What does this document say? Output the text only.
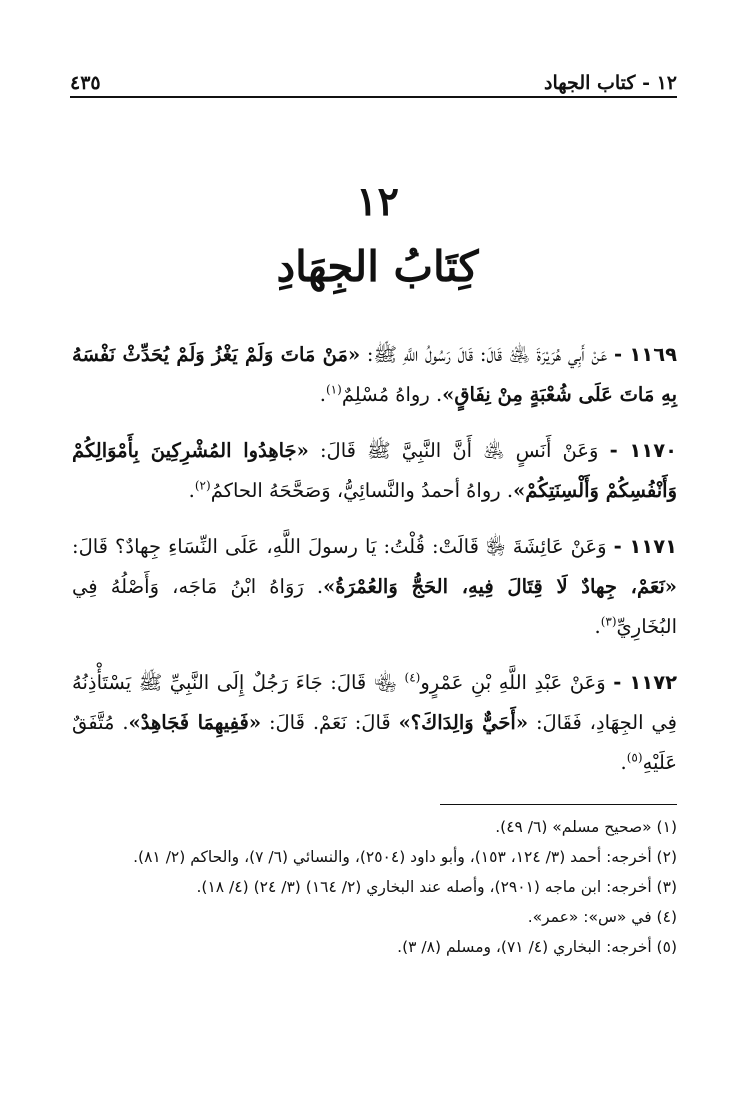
٤٣٥	١٢ - كتاب الجهاد
١٢
كِتَابُ الجِهَادِ

١١٦٩ - عَنْ أَبِي هُرَيْرَةَ ﵁ قَالَ: قَالَ رَسُولُ اللَّهِ ﷺ: «مَنْ مَاتَ وَلَمْ يَغْزُ وَلَمْ يُحَدِّثْ نَفْسَهُ بِهِ مَاتَ عَلَى شُعْبَةٍ مِنْ نِفَاقٍ». رواهُ مُسْلِمٌ$^{(١)}$.

١١٧٠ - وَعَنْ أَنَسٍ ﵁ أَنَّ النَّبِيَّ ﷺ قَالَ: «جَاهِدُوا المُشْرِكِينَ بِأَمْوَالِكُمْ وَأَنْفُسِكُمْ وَأَلْسِنَتِكُمْ». رواهُ أحمدُ والنَّسائِيُّ، وَصَحَّحَهُ الحاكمُ$^{(٢)}$.

١١٧١ - وَعَنْ عَائِشَةَ ﵂ قَالَتْ: قُلْتُ: يَا رسولَ اللَّهِ، عَلَى النِّسَاءِ جِهادٌ؟ قَالَ: «نَعَمْ، جِهادٌ لَا قِتَالَ فِيهِ، الحَجُّ وَالعُمْرَةُ». رَوَاهُ ابْنُ مَاجَه، وَأَصْلُهُ فِي البُخَارِيِّ$^{(٣)}$.

١١٧٢ - وَعَنْ عَبْدِ اللَّهِ بْنِ عَمْرٍو$^{(٤)}$ ﵄ قَالَ: جَاءَ رَجُلٌ إِلَى النَّبِيِّ ﷺ يَسْتَأْذِنُهُ فِي الجِهَادِ، فَقَالَ: «أَحَيٌّ وَالِدَاكَ؟» قَالَ: نَعَمْ. قَالَ: «فَفِيهِمَا فَجَاهِدْ». مُتَّفَقٌ عَلَيْهِ$^{(٥)}$.

(١) «صحيح مسلم» (٦/ ٤٩).

(٢) أخرجه: أحمد (٣/ ١٢٤، ١٥٣)، وأبو داود (٢٥٠٤)، والنسائي (٦/ ٧)، والحاكم (٢/ ٨١).

(٣) أخرجه: ابن ماجه (٢٩٠١)، وأصله عند البخاري (٢/ ١٦٤) (٣/ ٢٤) (٤/ ١٨).

(٤) في «س»: «عمر».

(٥) أخرجه: البخاري (٤/ ٧١)، ومسلم (٨/ ٣).
